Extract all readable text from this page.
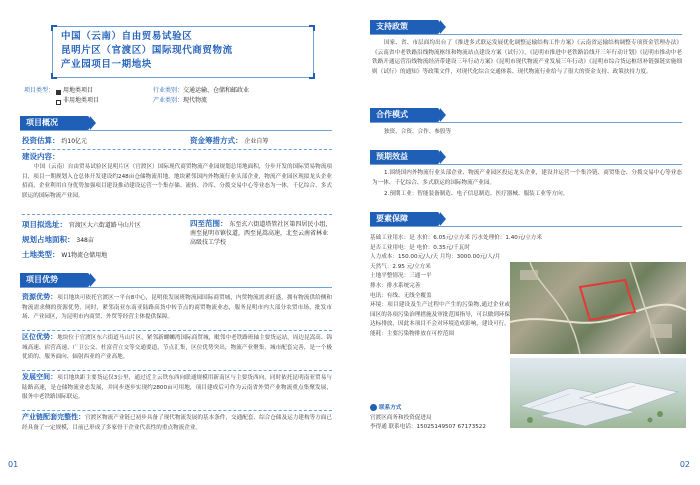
中国（云南）自由贸易试验区
昆明片区（官渡区）国际现代商贸物流
产业园项目一期地块
项目类型： 用地类项目	行业类别： 交通运输、仓储和邮政业
非用地类项目	产业类别： 现代物流
项目概况
投资估算： 约10亿元	资金筹措方式： 企业自筹
建设内容：
中国（云南）自由贸易试验区昆明片区（官渡区）国际现代商贸物流产业园规划总用地面积，分步开发的国际贸易物流项目，项目一期规划入仓总体开发建设约248亩仓储物流用地。地块紧邻国内外物流行业头部企业，物流产业园区现拟龙头企业招商，企业利用自身优势加强项目建设推动建设运营一个集存储、流转、冷库、分拨交易中心等业态为一体，千亿综合、多式联运的国际物流产业园。
项目拟选址： 官渡区大六街道路马山片区
规划占地面积： 348亩
土地类型： W1物流仓储用地
四至范围： 东至玄六街道塔管社区第四居民小组，南至昆明市镇仪道，西至昆嵩高速，北至云南省林业高级技工学校
项目优势
资源优势：项目地块可依托官渡区一平台8中心，昆明依发展班物流园国际商贸城，内贸物流需求旺盛，拥有物流供给侧和物流需求侧的资源优势，同时，紧邻南亚东南亚陆路高货中转节点的商贸物流业态，服务昆明市内大部分农贸市场、批发市场、产业园区，为昆明市内商贸、外贸等经营主体提供保障。
区位优势：地块位于官渡区东六街道马山片区，紧邻新螺蛳湾国际商贸城，毗邻中老铁路班轴主要货运站，周边昆嵩高、锦城高速、宿营高速、广卫公交、杜富营立交等交通要道，节点汇集，区位优势突出，物流产业聚集，城市配套完善，是一个极优质的、服务面向、辐射西亚的产业高地。
发展空间：项目地块距主要货运仅3公里，通过近主云铁东西向联通规模用新南区与主要货西向，同时依托昆明南亚贸易与陆路高速，是仓储物流业态发展，并同步逐步实现约2800亩可用地，项目建成后可作为云南省外贸产业物流重点集聚发展，服务中老铁路国际联运。
产业链配套完整性：官渡区物流产业链已初步具备了现代物流发展的基本条件，交通配套、综合仓储及运力建构等方面已经具备了一定规模，目前已形成了多家骨干企业代表性的重点物流企业。
01
支持政策
国家、省、市层面均出台了《推进多式联运发展优化调整运输结构工作方案》《云南省运输结构调整专项资金管理办法》《云南省中老铁路沿线物流枢纽和物流站点建设方案（试行）》，《昆明市推进中老铁路沿线开三年行动计划》《昆明市推动中老铁路开通运营沿线物流经济带建设三年行动方案》《昆明市现代物流产业发展三年行动》《昆明市综合货运枢纽补链强链实施细则（试行）的通知》等政策文件，对现代化综合交通体系、现代物流行业给与了很大的资金支持、政策扶持力度。
合作模式
独资、合资、合作、参股等
预期效益
1.围绕国内外物流行业头部企业、物流产业园区投运龙头企业，建设并运营一个集冷链、商贸集仓、分拨交易中心等业态为一体、千亿综合、多式联运的国际物流产业园。
2.预期工业：智能装备制造、电子信息制造、医疗器械、服装工业等方向。
要素保障
基础工业用水：是 水价：6.05元/立方米 污水处理价：1.40元/立方米
是否工业用电：是 电价：0.35元/千瓦时
人力成本：150.00元/人/天 月均：3000.00元/人/月
天然气：2.95 元/立方米
土地平整情况：三通一平
排水：排水系统完善
电讯：有线、无线全覆盖
环境：项目建设及生产过程中产生的污染物,通过企业或园区的各项污染治理措施及审批范围指导，可以做到环保达标排放，因此本项目不会对环境造成影响，建设可行。
能耗：主要污染物排放在可控范围
联系方式
官渡区商务和投资促进局
李得通 联系电话：15025149507 67173522
02
